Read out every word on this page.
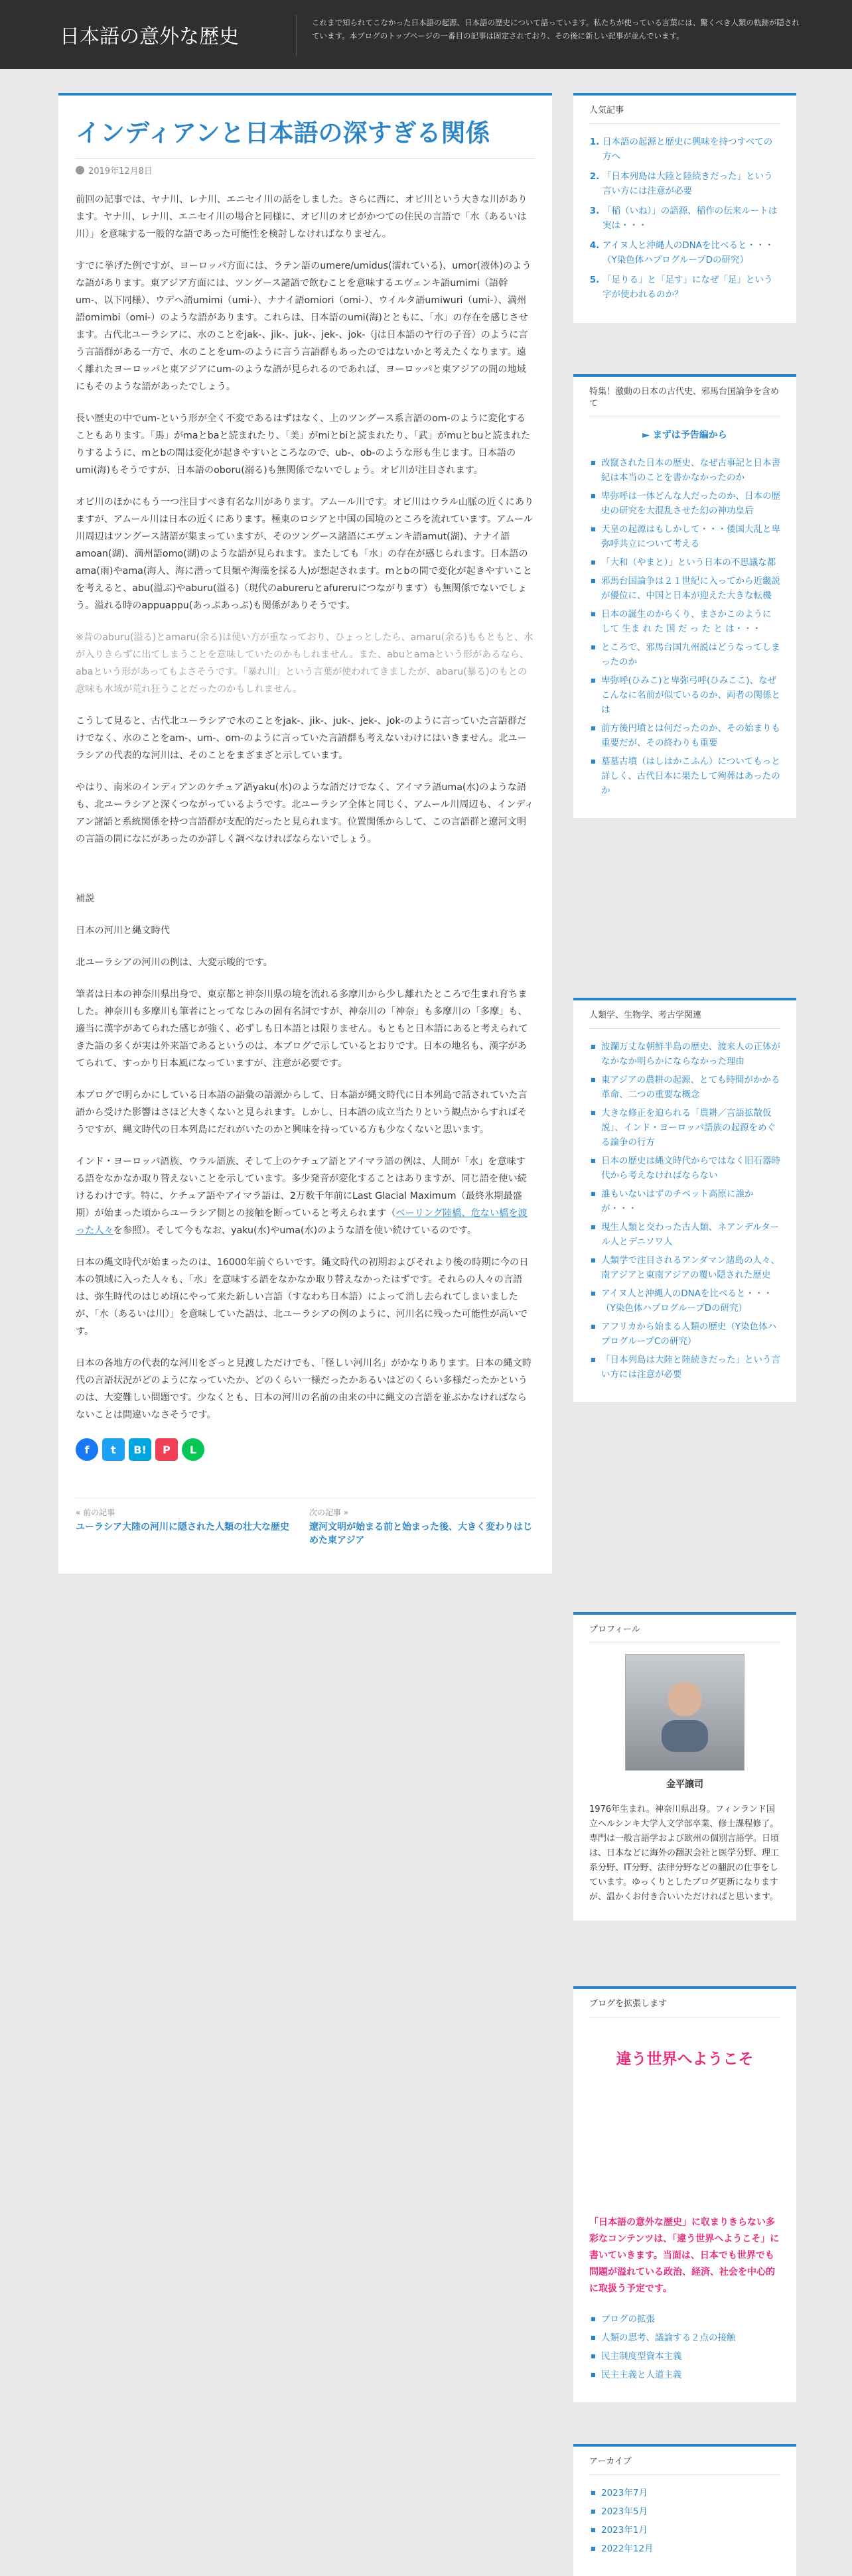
日本語の意外な歴史
これまで知られてこなかった日本語の起源、日本語の歴史について語っています。私たちが使っている言葉には、驚くべき人類の軌跡が隠されています。本ブログのトップページの一番目の記事は固定されており、その後に新しい記事が並んでいます。
インディアンと日本語の深すぎる関係
2019年12月8日

前回の記事では、ヤナ川、レナ川、エニセイ川の話をしました。さらに西に、オビ川という大きな川があります。ヤナ川、レナ川、エニセイ川の場合と同様に、オビ川のオビがかつての住民の言語で「水（あるいは川）」を意味する一般的な語であった可能性を検討しなければなりません。

すでに挙げた例ですが、ヨーロッパ方面には、ラテン語のumere/umidus(濡れている)、umor(液体)のような語があります。東アジア方面には、ツングース諸語で飲むことを意味するエヴェンキ語umimi（語幹um-、以下同様）、ウデヘ語umimi（umi-）、ナナイ語omiori（omi-）、ウイルタ語umiwuri（umi-）、満州語omimbi（omi-）のような語があります。これらは、日本語のumi(海)とともに、「水」の存在を感じさせます。古代北ユーラシアに、水のことをjak-、jik-、juk-、jek-、jok-（jは日本語のヤ行の子音）のように言う言語群がある一方で、水のことをum-のように言う言語群もあったのではないかと考えたくなります。遠く離れたヨーロッパと東アジアにum-のような語が見られるのであれば、ヨーロッパと東アジアの間の地域にもそのような語があったでしょう。

長い歴史の中でum-という形が全く不変であるはずはなく、上のツングース系言語のom-のように変化することもあります。「馬」がmaとbaと読まれたり、「美」がmiとbiと読まれたり、「武」がmuとbuと読まれたりするように、mとbの間は変化が起きやすいところなので、ub-、ob-のような形も生じます。日本語のumi(海)もそうですが、日本語のoboru(溺る)も無関係でないでしょう。オビ川が注目されます。

オビ川のほかにもう一つ注目すべき有名な川があります。アムール川です。オビ川はウラル山脈の近くにありますが、アムール川は日本の近くにあります。極東のロシアと中国の国境のところを流れています。アムール川周辺はツングース諸語が集まっていますが、そのツングース諸語にエヴェンキ語amut(湖)、ナナイ語amoan(湖)、満州語omo(湖)のような語が見られます。またしても「水」の存在が感じられます。日本語のama(雨)やama(海人、海に潜って貝類や海藻を採る人)が想起されます。mとbの間で変化が起きやすいことを考えると、abu(溢ぶ)やaburu(溢る)（現代のabureruとafureruにつながります）も無関係でないでしょう。溢れる時のappuappu(あっぷあっぷ)も関係がありそうです。

※昔のaburu(溢る)とamaru(余る)は使い方が重なっており、ひょっとしたら、amaru(余る)ももともと、水が入りきらずに出てしまうことを意味していたのかもしれません。また、abuとamaという形があるなら、abaという形があってもよさそうです。「暴れ川」という言葉が使われてきましたが、abaru(暴る)のもとの意味も水域が荒れ狂うことだったのかもしれません。

こうして見ると、古代北ユーラシアで水のことをjak-、jik-、juk-、jek-、jok-のように言っていた言語群だけでなく、水のことをam-、um-、om-のように言っていた言語群も考えないわけにはいきません。北ユーラシアの代表的な河川は、そのことをまざまざと示しています。

やはり、南米のインディアンのケチュア語yaku(水)のような語だけでなく、アイマラ語uma(水)のような語も、北ユーラシアと深くつながっているようです。北ユーラシア全体と同じく、アムール川周辺も、インディアン諸語と系統関係を持つ言語群が支配的だったと見られます。位置関係からして、この言語群と遼河文明の言語の間になにがあったのか詳しく調べなければならないでしょう。

補説

日本の河川と縄文時代

北ユーラシアの河川の例は、大変示唆的です。

筆者は日本の神奈川県出身で、東京都と神奈川県の境を流れる多摩川から少し離れたところで生まれ育ちました。神奈川も多摩川も筆者にとってなじみの固有名詞ですが、神奈川の「神奈」も多摩川の「多摩」も、適当に漢字があてられた感じが強く、必ずしも日本語とは限りません。もともと日本語にあると考えられてきた語の多くが実は外来語であるというのは、本ブログで示しているとおりです。日本の地名も、漢字があてられて、すっかり日本風になっていますが、注意が必要です。

本ブログで明らかにしている日本語の語彙の語源からして、日本語が縄文時代に日本列島で話されていた言語から受けた影響はさほど大きくないと見られます。しかし、日本語の成立当たりという観点からすればそうですが、縄文時代の日本列島にだれがいたのかと興味を持っている方も少なくないと思います。

インド・ヨーロッパ語族、ウラル語族、そして上のケチュア語とアイマラ語の例は、人間が「水」を意味する語をなかなか取り替えないことを示しています。多少発音が変化することはありますが、同じ語を使い続けるわけです。特に、ケチュア語やアイマラ語は、2万数千年前にLast Glacial Maximum（最終氷期最盛期）が始まった頃からユーラシア側との接触を断っていると考えられます（ベーリング陸橋、危ない橋を渡った人々を参照）。そして今もなお、yaku(水)やuma(水)のような語を使い続けているのです。

日本の縄文時代が始まったのは、16000年前ぐらいです。縄文時代の初期およびそれより後の時期に今の日本の領域に入った人々も、「水」を意味する語をなかなか取り替えなかったはずです。それらの人々の言語は、弥生時代のはじめ頃にやって来た新しい言語（すなわち日本語）によって消し去られてしまいましたが、「水（あるいは川）」を意味していた語は、北ユーラシアの例のように、河川名に残った可能性が高いです。

日本の各地方の代表的な河川をざっと見渡しただけでも、「怪しい河川名」がかなりあります。日本の縄文時代の言語状況がどのようになっていたか、どのくらい一様だったかあるいはどのくらい多様だったかというのは、大変難しい問題です。少なくとも、日本の河川の名前の由来の中に縄文の言語を並ぶかなければならないことは間違いなさそうです。

f	t	B!	P	L
« 前の記事
ユーラシア大陸の河川に隠された人類の壮大な歴史
次の記事 »
遼河文明が始まる前と始まった後、大きく変わりはじめた東アジア
人気記事
1. 日本語の起源と歴史に興味を持つすべての方へ
2. 「日本列島は大陸と陸続きだった」という言い方には注意が必要
3. 「稲（いね）」の語源、稲作の伝来ルートは実は・・・
4. アイヌ人と沖縄人のDNAを比べると・・・（Y染色体ハプログループDの研究）
5. 「足りる」と「足す」になぜ「足」という字が使われるのか？
特集！激動の日本の古代史、邪馬台国論争を含めて
► まずは予告編から
■ 改竄された日本の歴史、なぜ古事記と日本書紀は本当のことを書かなかったのか
■ 卑弥呼は一体どんな人だったのか、日本の歴史の研究を大混乱させた幻の神功皇后
■ 天皇の起源はもしかして・・・倭国大乱と卑弥呼共立について考える
■ 「大和（やまと）」という日本の不思議な都
■ 邪馬台国論争は２１世紀に入ってから近畿説が優位に、中国と日本が迎えた大きな転機
■ 日本の誕生のからくり、まさかこのように して 生ま れ た 国 だ っ た と は・・・
■ ところで、邪馬台国九州説はどうなってしまったのか
■ 卑弥呼(ひみこ)と卑弥弓呼(ひみここ)、なぜこんなに名前が似ているのか、両者の関係とは
■ 前方後円墳とは何だったのか、その始まりも重要だが、その終わりも重要
■ 墓墓古墳（はしはかこふん）についてもっと詳しく、古代日本に果たして殉葬はあったのか
人類学、生物学、考古学関連
■ 波瀾万丈な朝鮮半島の歴史、渡来人の正体がなかなか明らかにならなかった理由
■ 東アジアの農耕の起源、とても時間がかかる革命、二つの重要な概念
■ 大きな修正を迫られる「農耕／言語拡散仮説」、インド・ヨーロッパ語族の起源をめぐる論争の行方
■ 日本の歴史は縄文時代からではなく旧石器時代から考えなければならない
■ 誰もいないはずのチベット高原に誰かが・・・
■ 現生人類と交わった古人類、ネアンデルタール人とデニソワ人
■ 人類学で注目されるアンダマン諸島の人々、南アジアと東南アジアの覆い隠された歴史
■ アイヌ人と沖縄人のDNAを比べると・・・（Y染色体ハプログループDの研究）
■ アフリカから始まる人類の歴史（Y染色体ハプログループCの研究）
■ 「日本列島は大陸と陸続きだった」という言い方には注意が必要
プロフィール
金平譲司
1976年生まれ。神奈川県出身。フィンランド国立ヘルシンキ大学人文学部卒業、修士課程修了。専門は一般言語学および欧州の個別言語学。日頃は、日本などに海外の翻訳会社と医学分野、理工系分野、IT分野、法律分野などの翻訳の仕事をしています。ゆっくりとしたブログ更新になりますが、温かくお付き合いいただければと思います。
ブログを拡張します
違う世界へようこそ
「日本語の意外な歴史」に収まりきらない多彩なコンテンツは、「違う世界へようこそ」に書いていきます。当面は、日本でも世界でも問題が溢れている政治、経済、社会を中心的に取扱う予定です。
■ ブログの拡張
■ 人類の思考、議論する２点の接触
■ 民主制度型資本主義
■ 民主主義と人道主義
アーカイブ
■ 2023年7月
■ 2023年5月
■ 2023年1月
■ 2022年12月
